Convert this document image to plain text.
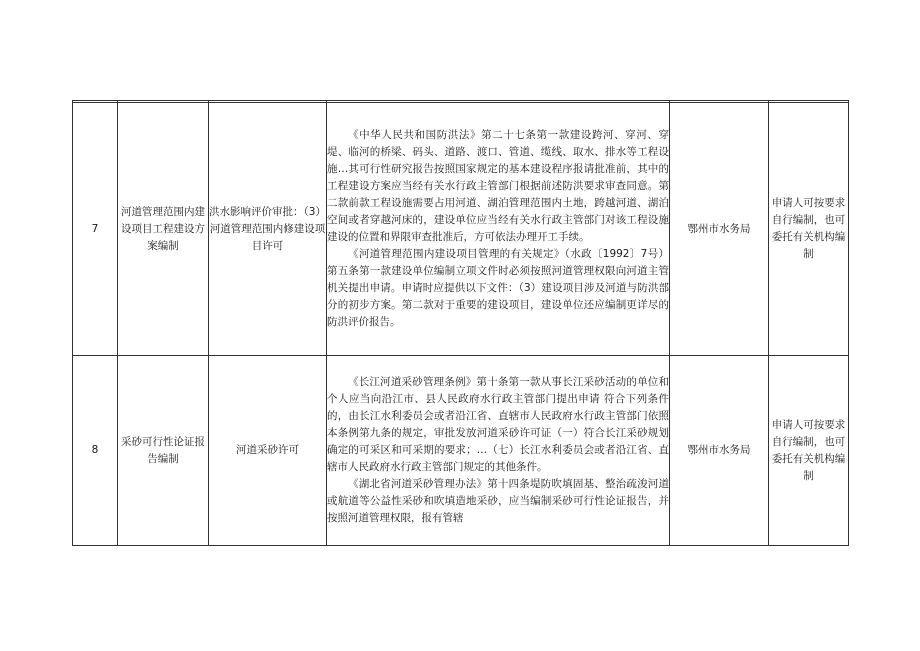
7	河道管理范围内建设项目工程建设方案编制	洪水影响评价审批：（3）河道管理范围内修建设项目许可	《中华人民共和国防洪法》第二十七条第一款建设跨河、穿河、穿堤、临河的桥梁、码头、道路、渡口、管道、缆线、取水、排水等工程设施…其可行性研究报告按照国家规定的基本建设程序报请批准前，其中的工程建设方案应当经有关水行政主管部门根据前述防洪要求审查同意。第二款前款工程设施需要占用河道、湖泊管理范围内土地，跨越河道、湖泊空间或者穿越河床的，建设单位应当经有关水行政主管部门对该工程设施建设的位置和界限审查批准后，方可依法办理开工手续。

《河道管理范围内建设项目管理的有关规定》（水政〔1992〕7号）第五条第一款建设单位编制立项文件时必须按照河道管理权限向河道主管机关提出申请。申请时应提供以下文件：（3）建设项目涉及河道与防洪部分的初步方案。第二款对于重要的建设项目，建设单位还应编制更详尽的防洪评价报告。	鄂州市水务局	申请人可按要求自行编制，也可委托有关机构编制
8	采砂可行性论证报告编制	河道采砂许可	《长江河道采砂管理条例》第十条第一款从事长江采砂活动的单位和个人应当向沿江市、县人民政府水行政主管部门提出申请 符合下列条件的，由长江水利委员会或者沿江省、直辖市人民政府水行政主管部门依照本条例第九条的规定，审批发放河道采砂许可证（一）符合长江采砂规划确定的可采区和可采期的要求；…（七）长江水利委员会或者沿江省、直辖市人民政府水行政主管部门规定的其他条件。

《湖北省河道采砂管理办法》第十四条堤防吹填固基、整治疏浚河道或航道等公益性采砂和吹填造地采砂，应当编制采砂可行性论证报告，并按照河道管理权限，报有管辖	鄂州市水务局	申请人可按要求自行编制，也可委托有关机构编制
